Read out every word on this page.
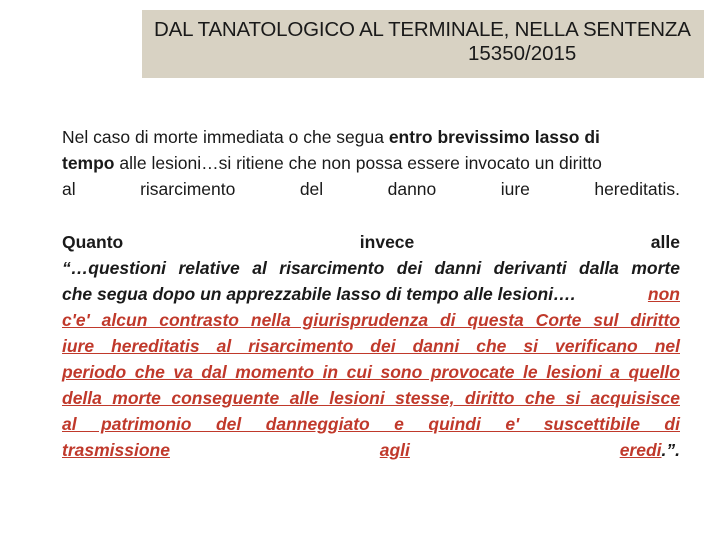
DAL TANATOLOGICO AL TERMINALE, NELLA SENTENZA
15350/2015
Nel caso di morte immediata o che segua entro brevissimo lasso di
tempo alle lesioni…si ritiene che non possa essere invocato un diritto
al	risarcimento	del	danno	iure	hereditatis.
Quanto	invece	alle
“…questioni relative al risarcimento dei danni derivanti dalla morte
che segua dopo un apprezzabile lasso di tempo alle lesioni….	non
c'e' alcun contrasto nella giurisprudenza di questa Corte sul diritto
iure hereditatis al risarcimento dei danni che si verificano nel
periodo che va dal momento in cui sono provocate le lesioni a quello
della morte conseguente alle lesioni stesse, diritto che si acquisisce
al patrimonio del danneggiato e quindi e' suscettibile di
trasmissione	agli	eredi.”.
